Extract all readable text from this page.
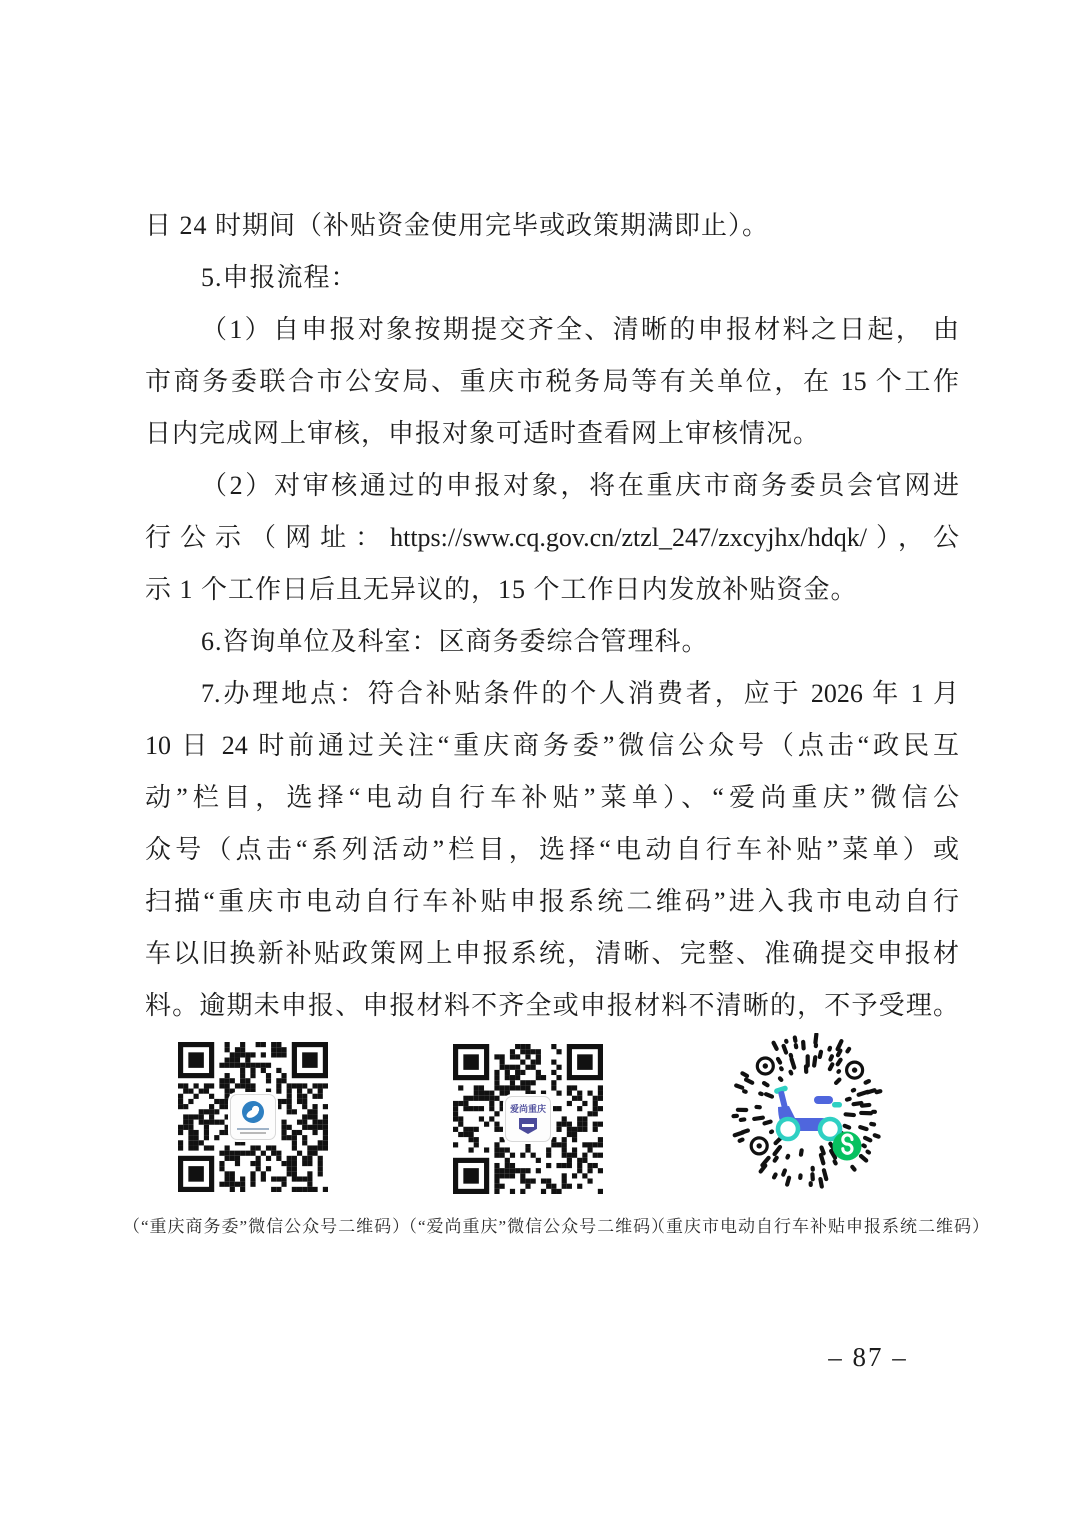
日 24 时期间（补贴资金使用完毕或政策期满即止）。
5.申报流程：
（1）自申报对象按期提交齐全、清晰的申报材料之日起， 由
市商务委联合市公安局、重庆市税务局等有关单位，在 15 个工作
日内完成网上审核，申报对象可适时查看网上审核情况。
（2）对审核通过的申报对象，将在重庆市商务委员会官网进
行公示（网址：https://sww.cq.gov.cn/ztzl_247/zxcyjhx/hdqk/），公
示 1 个工作日后且无异议的，15 个工作日内发放补贴资金。
6.咨询单位及科室：区商务委综合管理科。
7.办理地点：符合补贴条件的个人消费者，应于 2026 年 1 月
10 日 24 时前通过关注“重庆商务委”微信公众号（点击“政民互
动”栏目，选择“电动自行车补贴”菜单）、“爱尚重庆”微信公
众号（点击“系列活动”栏目，选择“电动自行车补贴”菜单）或
扫描“重庆市电动自行车补贴申报系统二维码”进入我市电动自行
车以旧换新补贴政策网上申报系统，清晰、完整、准确提交申报材
料。逾期未申报、申报材料不齐全或申报材料不清晰的，不予受理。
爱尚重庆
（“重庆商务委”微信公众号二维码）
（“爱尚重庆”微信公众号二维码）
（重庆市电动自行车补贴申报系统二维码）
– 87 –
